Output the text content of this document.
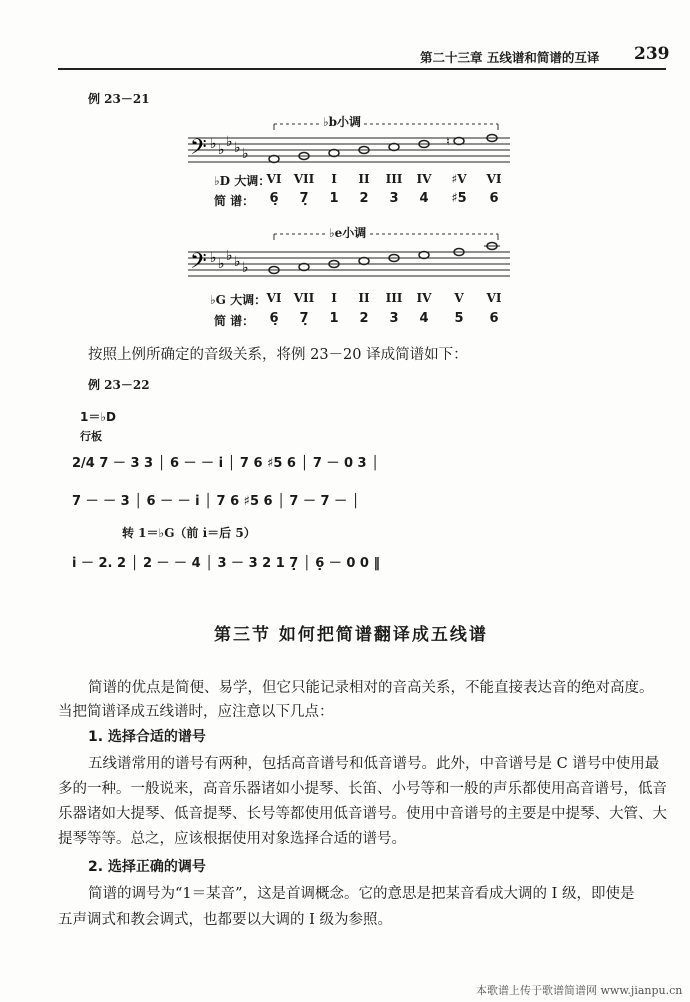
第二十三章 五线谱和简谱的互译 239
例 23－21
𝄢 ♭ ♭ ♭ ♭ ♭
♮
♭b小调
♭D 大调：
VI	VII	I	II	III	IV	♯V	VI
简 谱：	6̣	7̣	1	2	3	4	♯5	6
𝄢 ♭ ♭ ♭ ♭ ♭
♭e小调
♭G 大调： VI	VII	I	II	III	IV	V	VI
简 谱：	6̣	7̣	1	2	3	4	5	6
按照上例所确定的音级关系，将例 23－20 译成简谱如下：
例 23－22
1＝♭D
行板
2/4 7 － 3 3 │ 6 － － i̇ │ 7 6 ♯5 6 │ 7 － 0 3 │
7 － － 3 │ 6 － － i̇ │ 7 6 ♯5 6 │ 7 － 7 － │
转 1＝♭G（前 i̇＝后 5）
i̇ － 2. 2 │ 2 － － 4 │ 3 － 3 2 1 7̣ │ 6̣ － 0 0 ‖
第三节 如何把简谱翻译成五线谱
简谱的优点是简便、易学，但它只能记录相对的音高关系，不能直接表达音的绝对高度。
当把简谱译成五线谱时，应注意以下几点：
1. 选择合适的谱号
五线谱常用的谱号有两种，包括高音谱号和低音谱号。此外，中音谱号是 C 谱号中使用最
多的一种。一般说来，高音乐器诸如小提琴、长笛、小号等和一般的声乐都使用高音谱号，低音
乐器诸如大提琴、低音提琴、长号等都使用低音谱号。使用中音谱号的主要是中提琴、大管、大
提琴等等。总之，应该根据使用对象选择合适的谱号。
2. 选择正确的调号
简谱的调号为“1＝某音”，这是首调概念。它的意思是把某音看成大调的 Ⅰ 级，即使是
五声调式和教会调式，也都要以大调的 Ⅰ 级为参照。
本歌谱上传于歌谱简谱网 www.jianpu.cn
